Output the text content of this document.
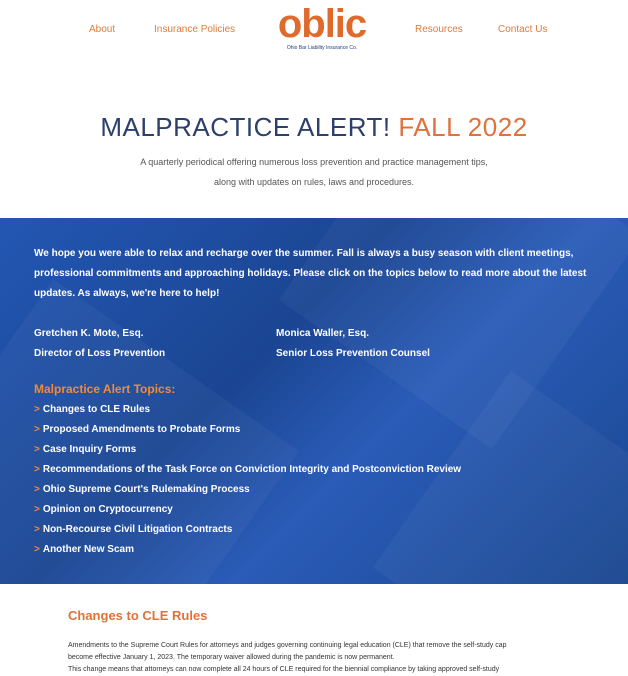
About	Insurance Policies oblic
Ohio Bar Liability Insurance Co.
Resources	Contact Us
MALPRACTICE ALERT! FALL 2022
A quarterly periodical offering numerous loss prevention and practice management tips,
along with updates on rules, laws and procedures.
We hope you were able to relax and recharge over the summer. Fall is always a busy season with client meetings, professional commitments and approaching holidays. Please click on the topics below to read more about the latest updates. As always, we're here to help!
Gretchen K. Mote, Esq.
Director of Loss Prevention
Monica Waller, Esq.
Senior Loss Prevention Counsel
Malpractice Alert Topics:
> Changes to CLE Rules
> Proposed Amendments to Probate Forms
> Case Inquiry Forms
> Recommendations of the Task Force on Conviction Integrity and Postconviction Review
> Ohio Supreme Court's Rulemaking Process
> Opinion on Cryptocurrency
> Non-Recourse Civil Litigation Contracts
> Another New Scam
Changes to CLE Rules
Amendments to the Supreme Court Rules for attorneys and judges governing continuing legal education (CLE) that remove the self-study cap
become effective January 1, 2023. The temporary waiver allowed during the pandemic is now permanent.
This change means that attorneys can now complete all 24 hours of CLE required for the biennial compliance by taking approved self-study
